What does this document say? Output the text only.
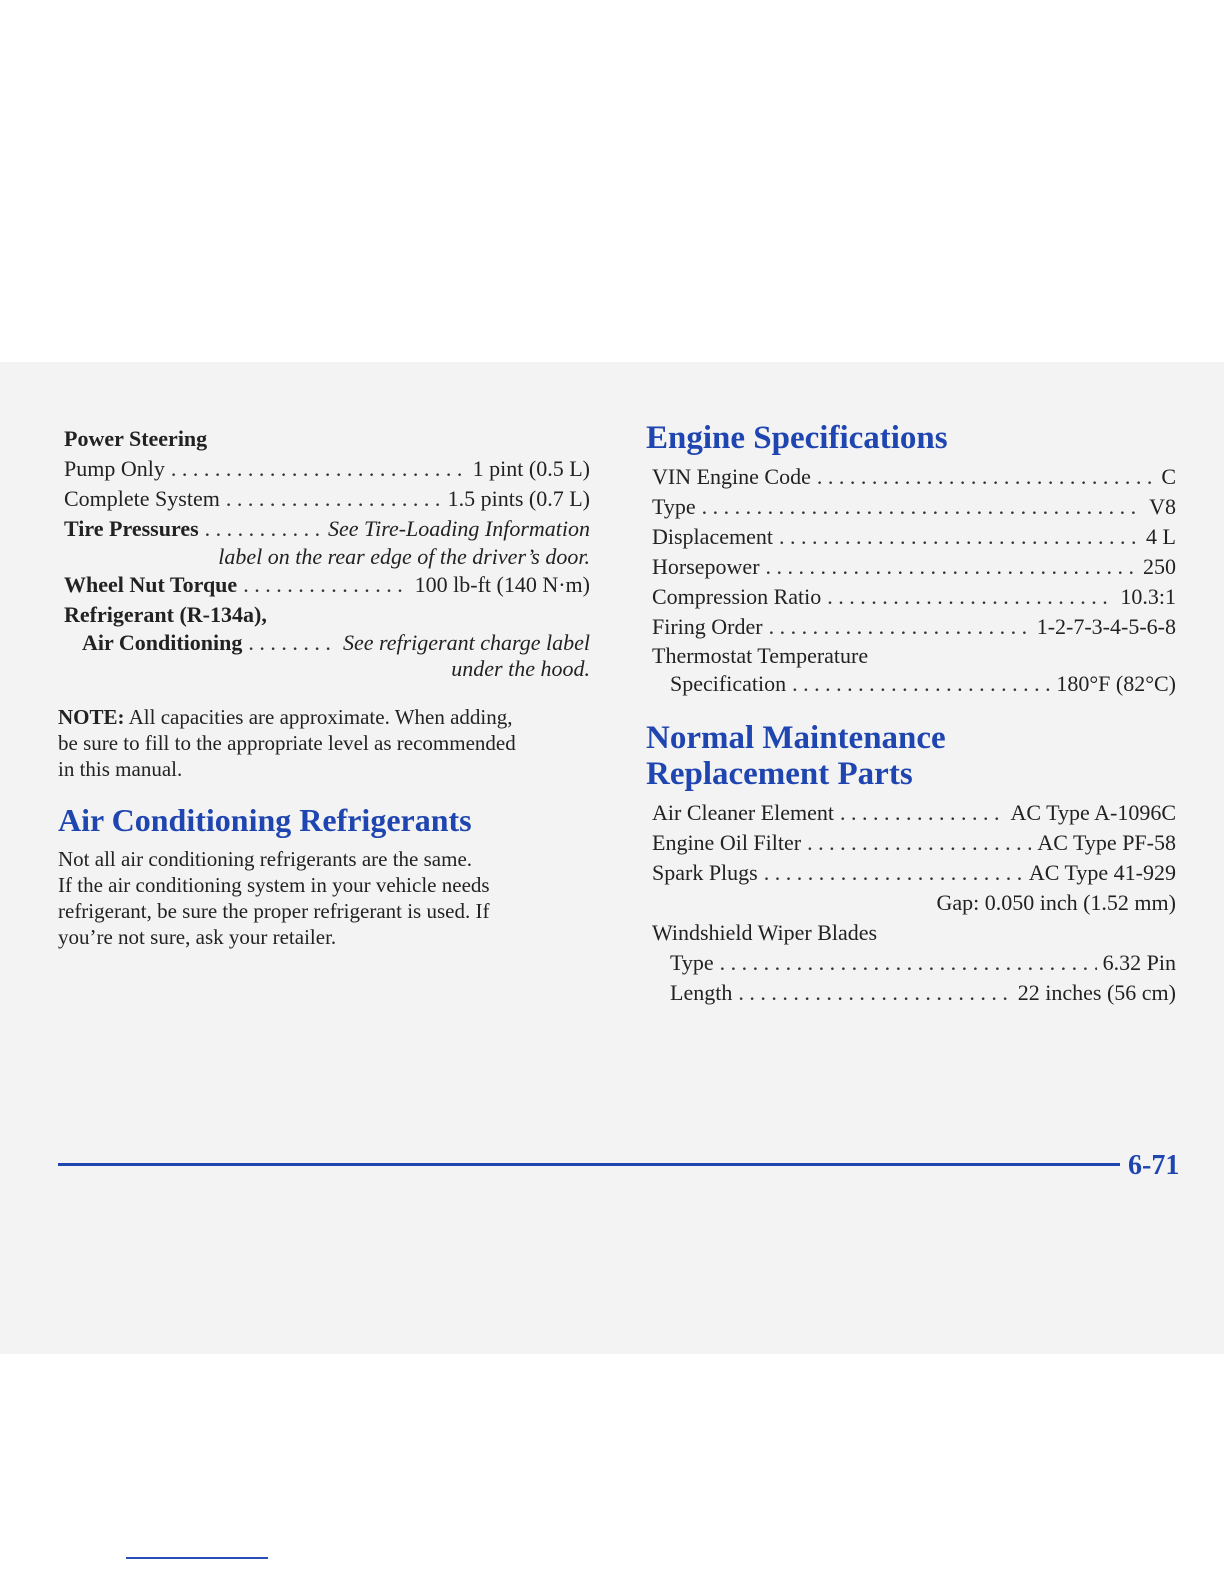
Power Steering
Pump Only . . .	1 pint (0.5 L)
Complete System . . .	1.5 pints (0.7 L)
Tire Pressures . . .	See Tire-Loading Information
label on the rear edge of the driver’s door.
Wheel Nut Torque . . .	100 lb-ft (140 N·m)
Refrigerant (R-134a),
Air Conditioning . . .	See refrigerant charge label
under the hood.

NOTE: All capacities are approximate. When adding,
be sure to fill to the appropriate level as recommended
in this manual.

Air Conditioning Refrigerants

Not all air conditioning refrigerants are the same.
If the air conditioning system in your vehicle needs
refrigerant, be sure the proper refrigerant is used. If
you’re not sure, ask your retailer.

Engine Specifications
VIN Engine Code . . .	C
Type . . .	V8
Displacement . . .	4 L
Horsepower . . .	250
Compression Ratio . . .	10.3:1
Firing Order . . .	1-2-7-3-4-5-6-8
Thermostat Temperature
Specification . . .	180°F (82°C)
Normal Maintenance
Replacement Parts
Air Cleaner Element . . .	AC Type A-1096C
Engine Oil Filter . . .	AC Type PF-58
Spark Plugs . . .	AC Type 41-929
Gap: 0.050 inch (1.52 mm)
Windshield Wiper Blades
Type . . .	6.32 Pin
Length . . .	22 inches (56 cm)
6-71
